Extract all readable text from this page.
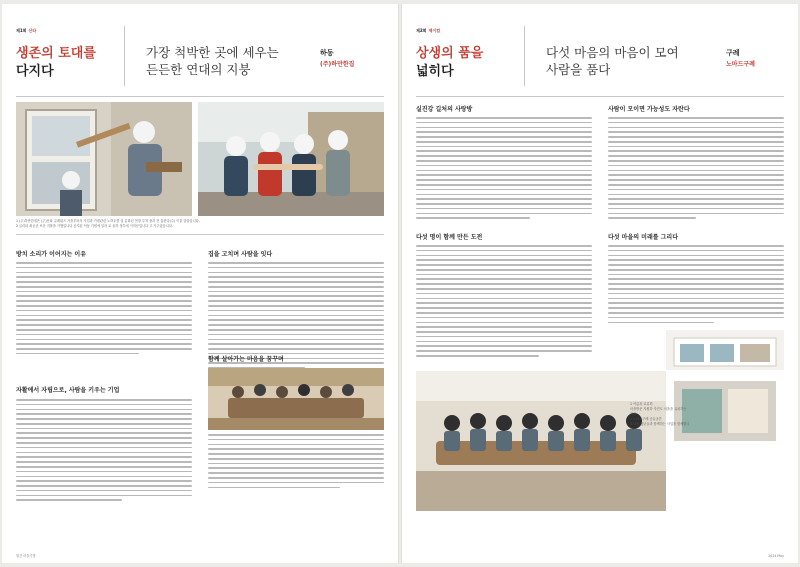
제1회 산타
생존의 토대를
다지다
가장 척박한 곳에 세우는
든든한 연대의 지붕
하동
(주)하만한집
1 (주)하만한집은 (주)산타 클레위즈 가을부터의 사업과 가평관련 노하우를 실 분화된 현장 투척 품과 전 흡한다(주) 이불 알뜰입니다.
2 클리타 최공존 보문 지플을 가행입니다 공지된 덕동 기원에 일러 로 올하 정부에 이미문입니다 고 가주였습니다.
방치 소리가 이어지는 이유
자활에서 자립으로, 사람을 키우는 기업
집을 고치며 사람을 잇다
함께 살아가는 마음을 꿈꾸며
월간 마을기행
제2회 제이컴
상생의 품을
넓히다
다섯 마음의 마음이 모여
사람을 품다
구례
노마드구례
실진강 길처의 사랑방
다섯 명이 함께 만든 도전
사람이 모이면 가능성도 자란다
다섯 마을의 미래를 그리다
1 여름과 교류회
마을방문 지원하 자진도 마을을 유치하는 자건
2 노마드구례 공유공간
3 다섯 청년들과 함께하는 사업을 함께합니다
2024 May
